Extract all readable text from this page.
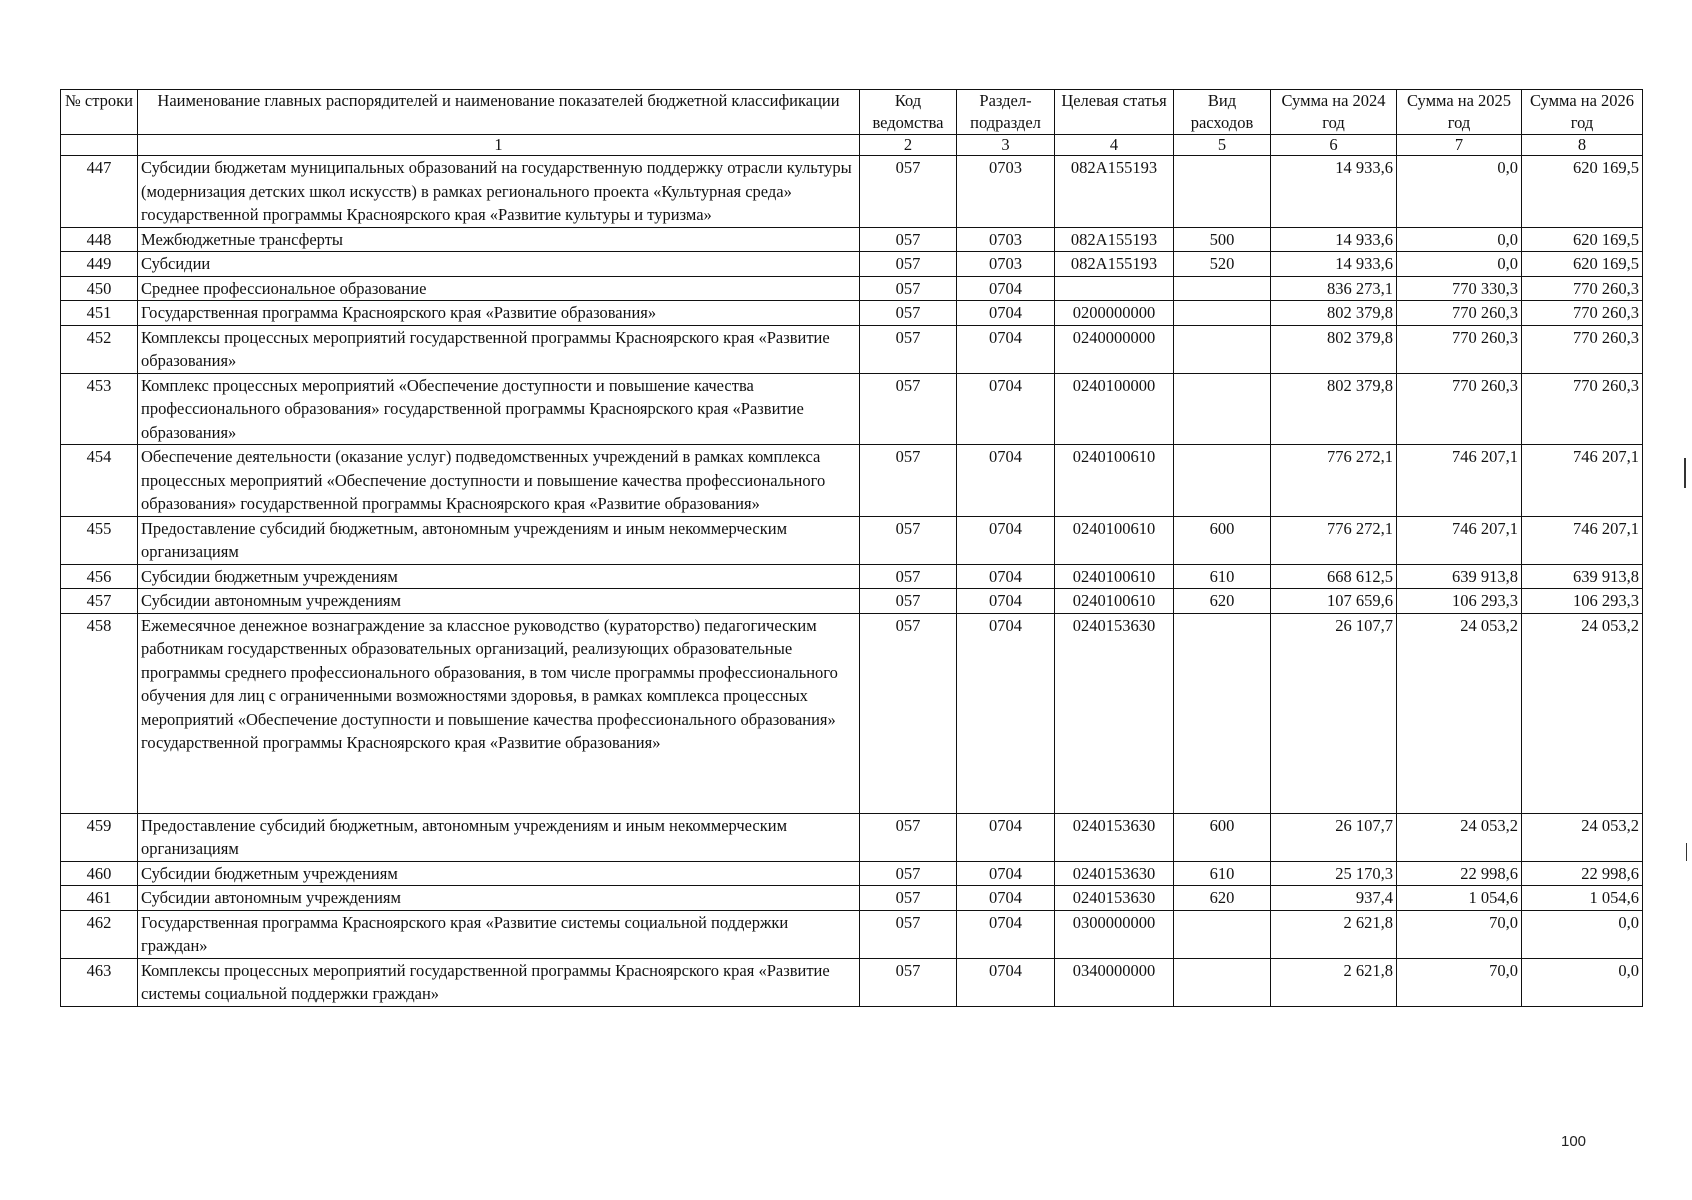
№ строки	Наименование главных распорядителей и наименование показателей бюджетной классификации	Код ведомства	Раздел-подраздел	Целевая статья	Вид расходов	Сумма на 2024 год	Сумма на 2025 год	Сумма на 2026 год
	1	2	3	4	5	6	7	8
447	Субсидии бюджетам муниципальных образований на государственную поддержку отрасли культуры (модернизация детских школ искусств) в рамках регионального проекта «Культурная среда» государственной программы Красноярского края «Развитие культуры и туризма»	057	0703	082A155193		14 933,6	0,0	620 169,5
448	Межбюджетные трансферты	057	0703	082A155193	500	14 933,6	0,0	620 169,5
449	Субсидии	057	0703	082A155193	520	14 933,6	0,0	620 169,5
450	Среднее профессиональное образование	057	0704			836 273,1	770 330,3	770 260,3
451	Государственная программа Красноярского края «Развитие образования»	057	0704	0200000000		802 379,8	770 260,3	770 260,3
452	Комплексы процессных мероприятий государственной программы Красноярского края «Развитие образования»	057	0704	0240000000		802 379,8	770 260,3	770 260,3
453	Комплекс процессных мероприятий «Обеспечение доступности и повышение качества профессионального образования» государственной программы Красноярского края «Развитие образования»	057	0704	0240100000		802 379,8	770 260,3	770 260,3
454	Обеспечение деятельности (оказание услуг) подведомственных учреждений в рамках комплекса процессных мероприятий «Обеспечение доступности и повышение качества профессионального образования» государственной программы Красноярского края «Развитие образования»	057	0704	0240100610		776 272,1	746 207,1	746 207,1
455	Предоставление субсидий бюджетным, автономным учреждениям и иным некоммерческим организациям	057	0704	0240100610	600	776 272,1	746 207,1	746 207,1
456	Субсидии бюджетным учреждениям	057	0704	0240100610	610	668 612,5	639 913,8	639 913,8
457	Субсидии автономным учреждениям	057	0704	0240100610	620	107 659,6	106 293,3	106 293,3
458	Ежемесячное денежное вознаграждение за классное руководство (кураторство) педагогическим работникам государственных образовательных организаций, реализующих образовательные программы среднего профессионального образования, в том числе программы профессионального обучения для лиц с ограниченными возможностями здоровья, в рамках комплекса процессных мероприятий «Обеспечение доступности и повышение качества профессионального образования» государственной программы Красноярского края «Развитие образования»	057	0704	0240153630		26 107,7	24 053,2	24 053,2
459	Предоставление субсидий бюджетным, автономным учреждениям и иным некоммерческим организациям	057	0704	0240153630	600	26 107,7	24 053,2	24 053,2
460	Субсидии бюджетным учреждениям	057	0704	0240153630	610	25 170,3	22 998,6	22 998,6
461	Субсидии автономным учреждениям	057	0704	0240153630	620	937,4	1 054,6	1 054,6
462	Государственная программа Красноярского края «Развитие системы социальной поддержки граждан»	057	0704	0300000000		2 621,8	70,0	0,0
463	Комплексы процессных мероприятий государственной программы Красноярского края «Развитие системы социальной поддержки граждан»	057	0704	0340000000		2 621,8	70,0	0,0
100
